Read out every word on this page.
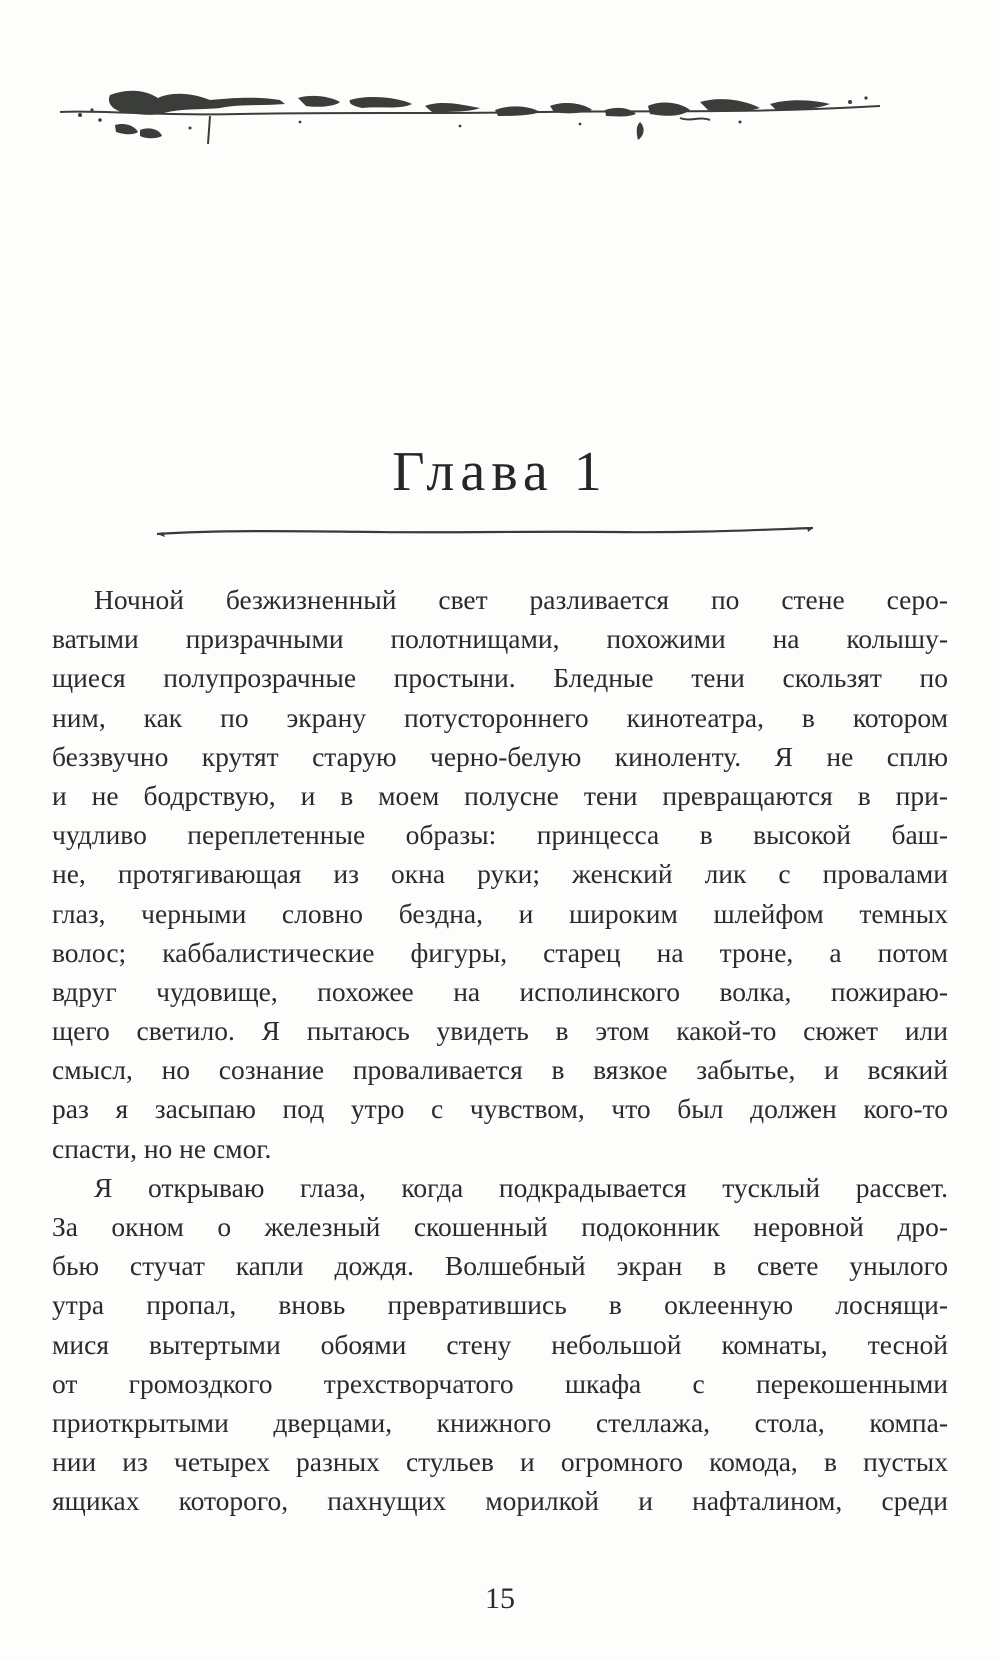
Глава 1
Ночной безжизненный свет разливается по стене серо-
ватыми призрачными полотнищами, похожими на колышу-
щиеся полупрозрачные простыни. Бледные тени скользят по
ним, как по экрану потустороннего кинотеатра, в котором
беззвучно крутят старую черно-белую киноленту. Я не сплю
и не бодрствую, и в моем полусне тени превращаются в при-
чудливо переплетенные образы: принцесса в высокой баш-
не, протягивающая из окна руки; женский лик с провалами
глаз, черными словно бездна, и широким шлейфом темных
волос; каббалистические фигуры, старец на троне, а потом
вдруг чудовище, похожее на исполинского волка, пожираю-
щего светило. Я пытаюсь увидеть в этом какой-то сюжет или
смысл, но сознание проваливается в вязкое забытье, и всякий
раз я засыпаю под утро с чувством, что был должен кого-то
спасти, но не смог.
Я открываю глаза, когда подкрадывается тусклый рассвет.
За окном о железный скошенный подоконник неровной дро-
бью стучат капли дождя. Волшебный экран в свете унылого
утра пропал, вновь превратившись в оклеенную лоснящи-
мися вытертыми обоями стену небольшой комнаты, тесной
от громоздкого трехстворчатого шкафа с перекошенными
приоткрытыми дверцами, книжного стеллажа, стола, компа-
нии из четырех разных стульев и огромного комода, в пустых
ящиках которого, пахнущих морилкой и нафталином, среди
15
